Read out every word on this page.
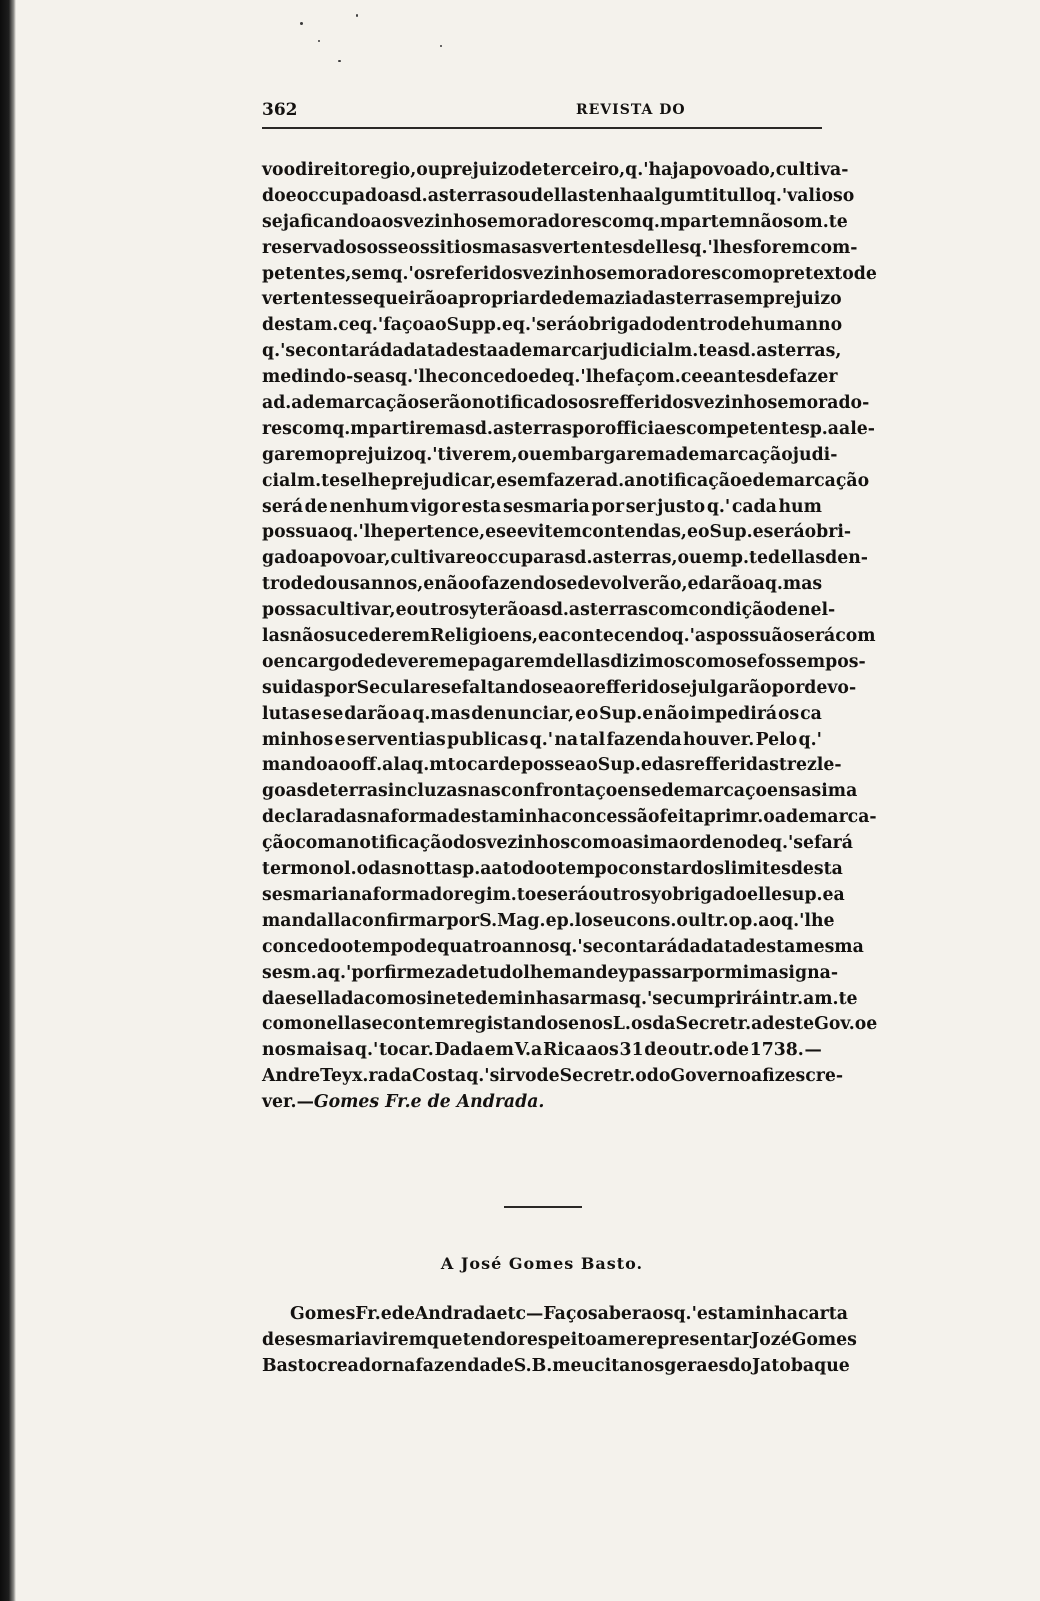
362	REVISTA DO
vo o direito regio, ou prejuizo de terceiro, q.' haja povoado, cultiva-
do e occupado as d.as terras ou dellas tenha algum titullo q.' valioso
seja ficando aos vezinhos e moradores com q.m partem não som.te
reservados os seos sitios mas as vertentes delles q.' lhes forem com-
petentes, sem q.' os referidos vezinhos e moradores com o pretexto de
vertentes se queirão apropriar de demaziadas terras em prejuizo
desta m.ce q.' faço ao Supp.e q.' será obrigado dentro de hum anno
q.' se contará da data desta a demarcar judicialm.te as d.as terras,
medindo-se as q.' lhe concedo e de q.' lhe faço m.ce e antes de fazer
a d.a demarcação serão notificados os refferidos vezinhos e morado-
res com q.m partirem as d.as terras por officiaes competentes p.a ale-
garem o prejuizo q.' tiverem, ou embargarem a demarcação judi-
cialm.te se lhe prejudicar, e sem fazer a d.a notificação e demarcação
será de nenhum vigor esta sesmaria por ser justo q.' cada hum
possua o q.' lhe pertence, e se evitem contendas, e o Sup.e será obri-
gado a povoar, cultivar e occupar as d.as terras, ou em p.te dellas den-
tro de dous annos, e não o fazendo se devolverão, e darão a q.m as
possa cultivar, e outro sy terão as d.as terras com condição de nel-
las não sucederem Religioens, e acontecendo q.' as possuão será com
o encargo de deverem e pagarem dellas dizimos como se fossem pos-
suidas por Seculares e faltando se ao refferido se julgarão por devo-
lutas e se darão a q.m as denunciar, e o Sup.e não impedirá os ca
minhos e serventias publicas q.' na tal fazenda houver. Pelo q.'
mando ao off.al a q.m tocar de posse ao Sup.e das refferidas trez le-
goas de terras incluzas nas confrontaçoens e demarcaçoens asima
declaradas na forma desta minha concessão feita primr.o a demarca-
ção com a notificação dos vezinhos como asima ordeno de q.' se fará
termo no l.o das nottas p.a a todo o tempo constar dos limites desta
sesmaria na forma do regim.to e será outro sy obrigado elle sup.e a
mandalla confirmar por S. Mag.e p.lo seu cons.o ultr.o p.a o q.' lhe
concedo o tempo de quatro annos q.' se contará da data desta mesma
sesm.a q.' por firmeza de tudo lhe mandey passar por mim asigna-
da e sellada com o sinete de minhas armas q.' se cumprirá intr.am.te
como nella se contem registandose nos L.os da Secretr.a deste Gov.o e
nos mais a q.' tocar. Dada em V.a Rica aos 31 de outr.o de 1738. —
Andre Teyx.ra da Costa q.' sirvo de Secretr.o do Governo a fiz escre-
ver.— Gomes Fr.e de Andrada.
A José Gomes Basto.
Gomes Fr.e de Andrada etc — Faço saber aos q.' esta minha carta
de sesmaria virem que tendo respeito a me representar Jozé Gomes
Basto creador na fazenda de S. B.meu cita nos geraes do Jatoba que
